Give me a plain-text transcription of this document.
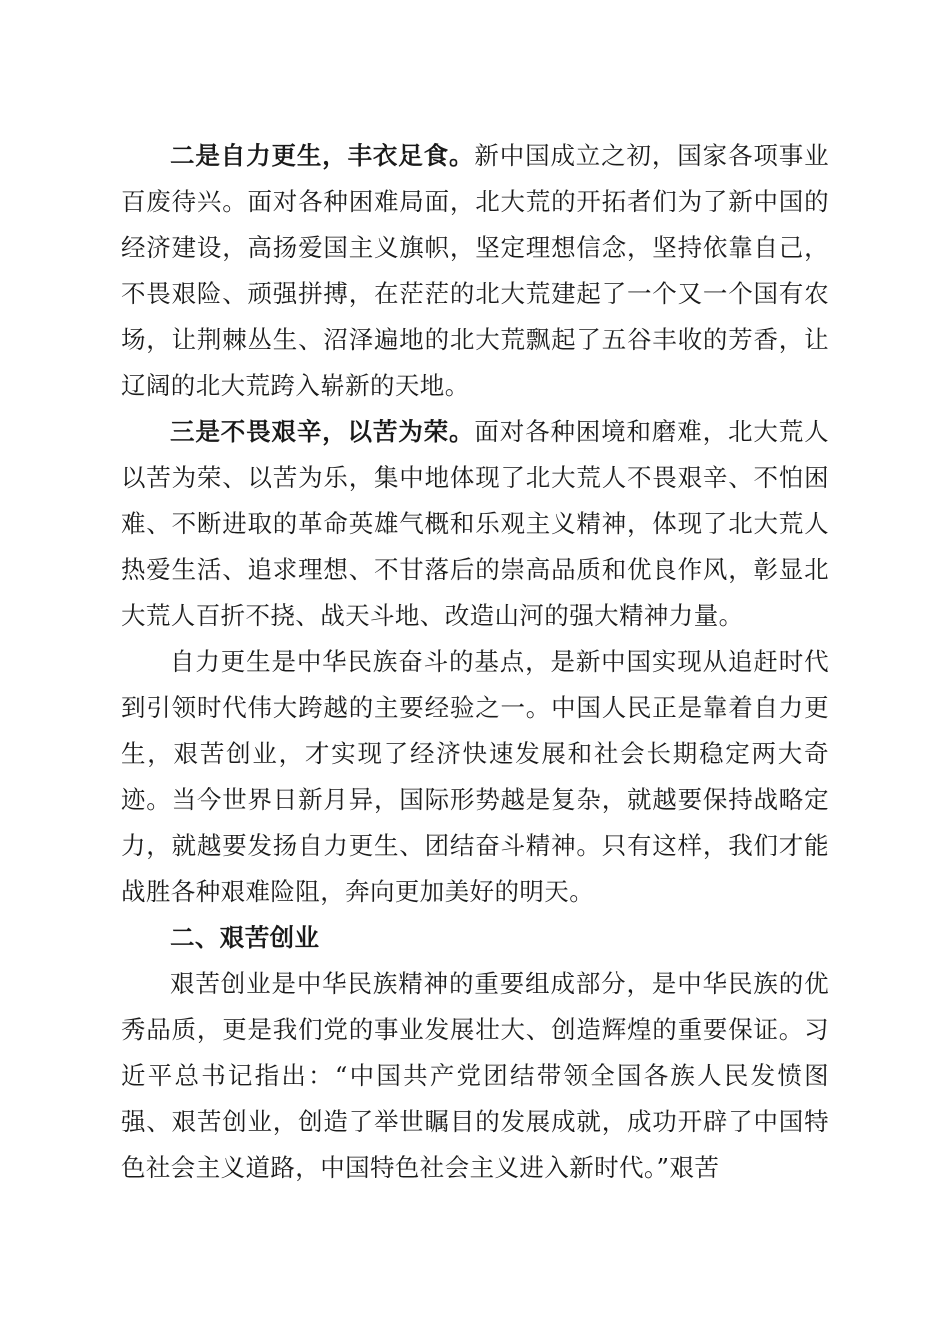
二是自力更生，丰衣足食。新中国成立之初，国家各项事业百废待兴。面对各种困难局面，北大荒的开拓者们为了新中国的经济建设，高扬爱国主义旗帜，坚定理想信念，坚持依靠自己，不畏艰险、顽强拼搏，在茫茫的北大荒建起了一个又一个国有农场，让荆棘丛生、沼泽遍地的北大荒飘起了五谷丰收的芳香，让辽阔的北大荒跨入崭新的天地。

三是不畏艰辛，以苦为荣。面对各种困境和磨难，北大荒人以苦为荣、以苦为乐，集中地体现了北大荒人不畏艰辛、不怕困难、不断进取的革命英雄气概和乐观主义精神，体现了北大荒人热爱生活、追求理想、不甘落后的崇高品质和优良作风，彰显北大荒人百折不挠、战天斗地、改造山河的强大精神力量。

自力更生是中华民族奋斗的基点，是新中国实现从追赶时代到引领时代伟大跨越的主要经验之一。中国人民正是靠着自力更生，艰苦创业，才实现了经济快速发展和社会长期稳定两大奇迹。当今世界日新月异，国际形势越是复杂，就越要保持战略定力，就越要发扬自力更生、团结奋斗精神。只有这样，我们才能战胜各种艰难险阻，奔向更加美好的明天。

二、艰苦创业

艰苦创业是中华民族精神的重要组成部分，是中华民族的优秀品质，更是我们党的事业发展壮大、创造辉煌的重要保证。习近平总书记指出：“中国共产党团结带领全国各族人民发愤图强、艰苦创业，创造了举世瞩目的发展成就，成功开辟了中国特色社会主义道路，中国特色社会主义进入新时代。”艰苦
